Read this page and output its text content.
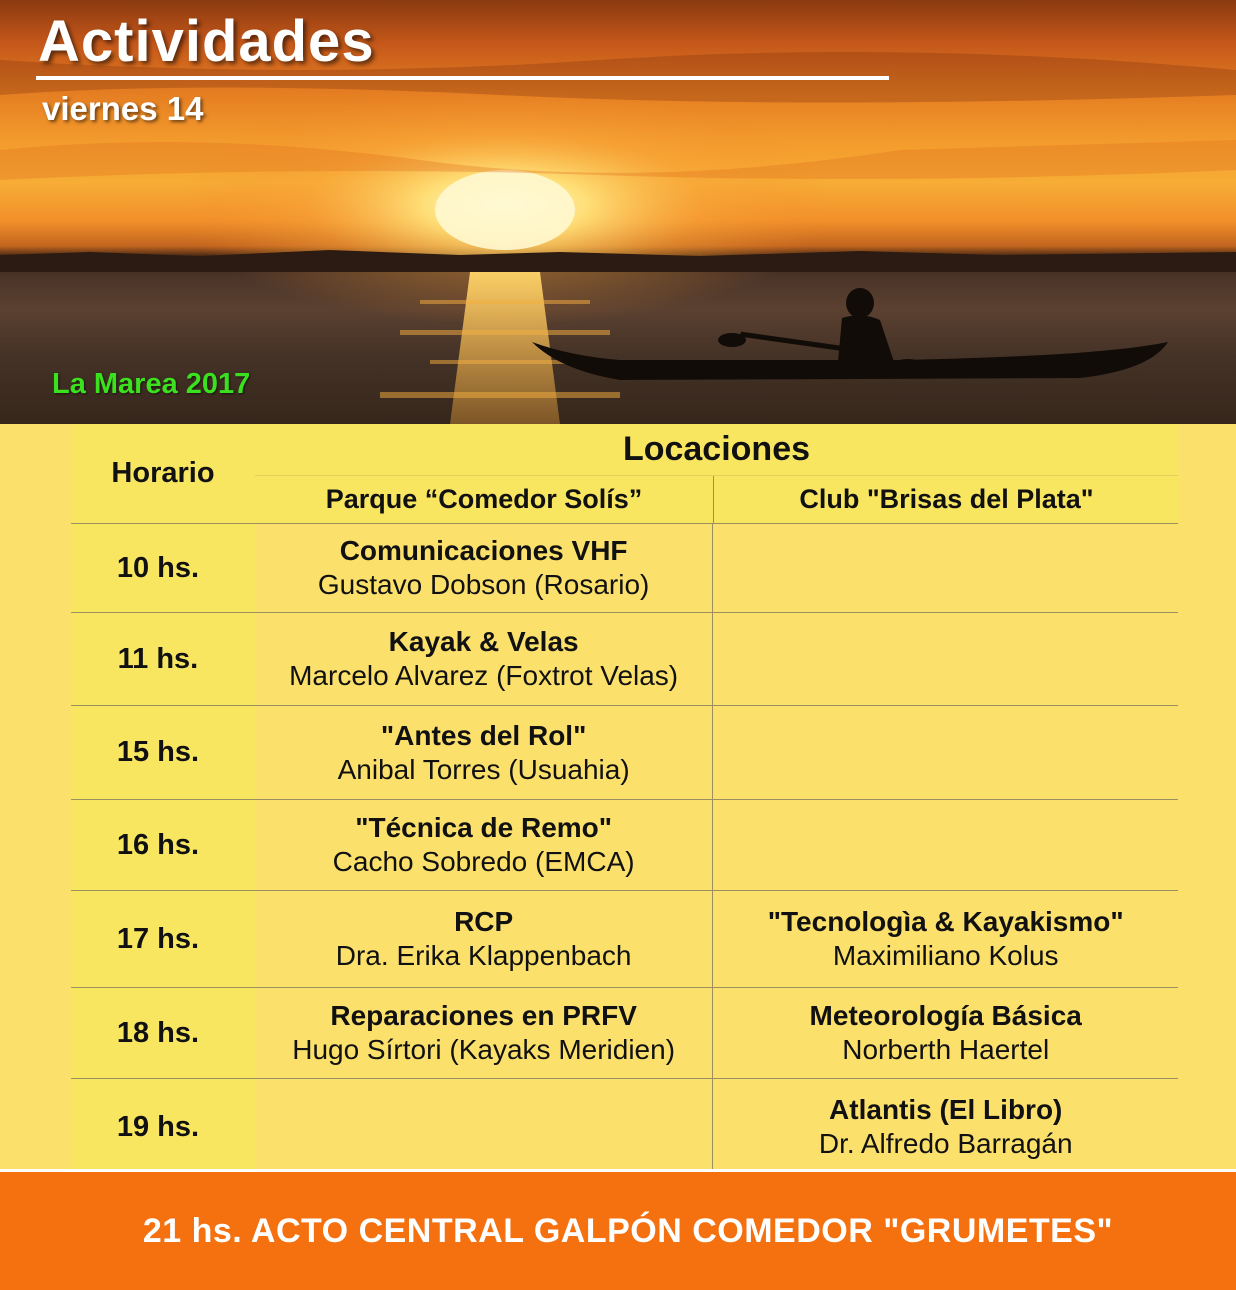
Actividades
viernes 14
La Marea 2017
Horario
Locaciones
Parque “Comedor Solís”	Club "Brisas del Plata"
10 hs.
Comunicaciones VHF
Gustavo Dobson (Rosario)
11 hs.
Kayak & Velas
Marcelo Alvarez (Foxtrot Velas)
15 hs.
"Antes del Rol"
Anibal Torres (Usuahia)
16 hs.
"Técnica de Remo"
Cacho Sobredo (EMCA)
17 hs.
RCP
Dra. Erika Klappenbach
"Tecnologìa & Kayakismo"
Maximiliano Kolus
18 hs.
Reparaciones en PRFV
Hugo Sírtori (Kayaks Meridien)
Meteorología Básica
Norberth Haertel
19 hs.
Atlantis (El Libro)
Dr. Alfredo Barragán
21 hs. ACTO CENTRAL GALPÓN COMEDOR "GRUMETES"
